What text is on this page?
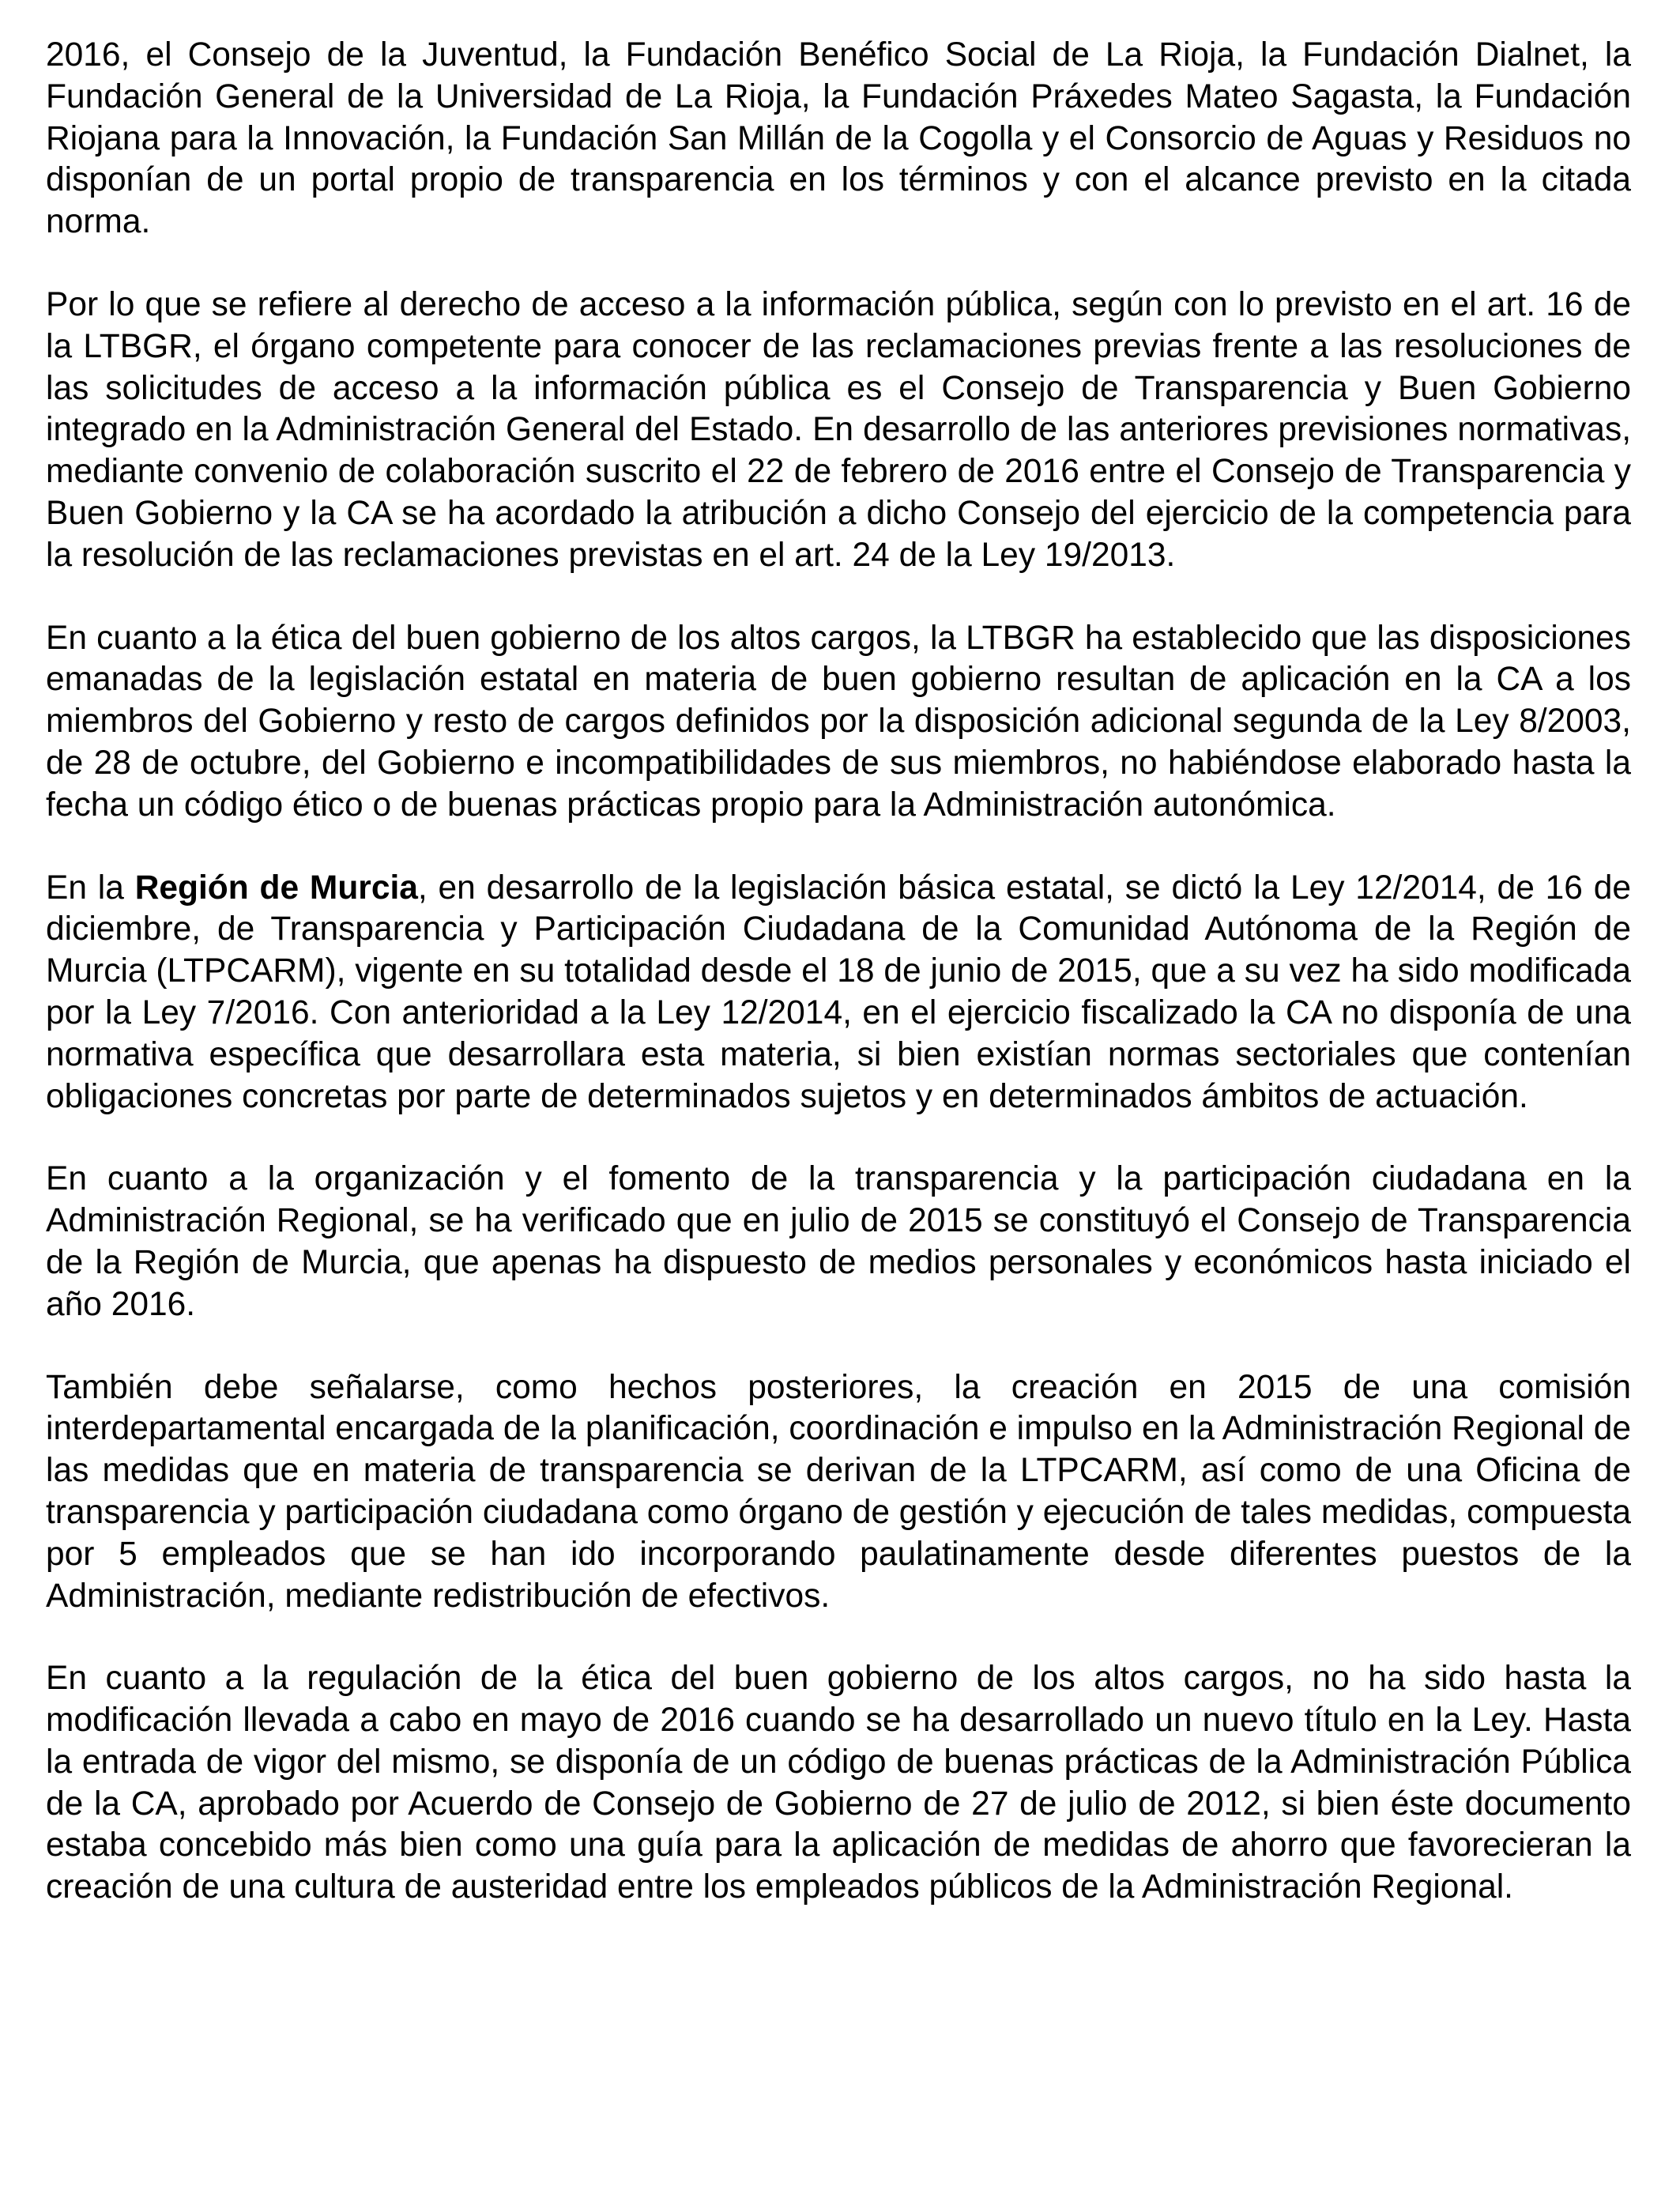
2016, el Consejo de la Juventud, la Fundación Benéfico Social de La Rioja, la Fundación Dialnet, la Fundación General de la Universidad de La Rioja, la Fundación Práxedes Mateo Sagasta, la Fundación Riojana para la Innovación, la Fundación San Millán de la Cogolla y el Consorcio de Aguas y Residuos no disponían de un portal propio de transparencia en los términos y con el alcance previsto en la citada norma.

Por lo que se refiere al derecho de acceso a la información pública, según con lo previsto en el art. 16 de la LTBGR, el órgano competente para conocer de las reclamaciones previas frente a las resoluciones de las solicitudes de acceso a la información pública es el Consejo de Transparencia y Buen Gobierno integrado en la Administración General del Estado. En desarrollo de las anteriores previsiones normativas, mediante convenio de colaboración suscrito el 22 de febrero de 2016 entre el Consejo de Transparencia y Buen Gobierno y la CA se ha acordado la atribución a dicho Consejo del ejercicio de la competencia para la resolución de las reclamaciones previstas en el art. 24 de la Ley 19/2013.

En cuanto a la ética del buen gobierno de los altos cargos, la LTBGR ha establecido que las disposiciones emanadas de la legislación estatal en materia de buen gobierno resultan de aplicación en la CA a los miembros del Gobierno y resto de cargos definidos por la disposición adicional segunda de la Ley 8/2003, de 28 de octubre, del Gobierno e incompatibilidades de sus miembros, no habiéndose elaborado hasta la fecha un código ético o de buenas prácticas propio para la Administración autonómica.

En la Región de Murcia, en desarrollo de la legislación básica estatal, se dictó la Ley 12/2014, de 16 de diciembre, de Transparencia y Participación Ciudadana de la Comunidad Autónoma de la Región de Murcia (LTPCARM), vigente en su totalidad desde el 18 de junio de 2015, que a su vez ha sido modificada por la Ley 7/2016. Con anterioridad a la Ley 12/2014, en el ejercicio fiscalizado la CA no disponía de una normativa específica que desarrollara esta materia, si bien existían normas sectoriales que contenían obligaciones concretas por parte de determinados sujetos y en determinados ámbitos de actuación.

En cuanto a la organización y el fomento de la transparencia y la participación ciudadana en la Administración Regional, se ha verificado que en julio de 2015 se constituyó el Consejo de Transparencia de la Región de Murcia, que apenas ha dispuesto de medios personales y económicos hasta iniciado el año 2016.

También debe señalarse, como hechos posteriores, la creación en 2015 de una comisión interdepartamental encargada de la planificación, coordinación e impulso en la Administración Regional de las medidas que en materia de transparencia se derivan de la LTPCARM, así como de una Oficina de transparencia y participación ciudadana como órgano de gestión y ejecución de tales medidas, compuesta por 5 empleados que se han ido incorporando paulatinamente desde diferentes puestos de la Administración, mediante redistribución de efectivos.

En cuanto a la regulación de la ética del buen gobierno de los altos cargos, no ha sido hasta la modificación llevada a cabo en mayo de 2016 cuando se ha desarrollado un nuevo título en la Ley. Hasta la entrada de vigor del mismo, se disponía de un código de buenas prácticas de la Administración Pública de la CA, aprobado por Acuerdo de Consejo de Gobierno de 27 de julio de 2012, si bien éste documento estaba concebido más bien como una guía para la aplicación de medidas de ahorro que favorecieran la creación de una cultura de austeridad entre los empleados públicos de la Administración Regional.
